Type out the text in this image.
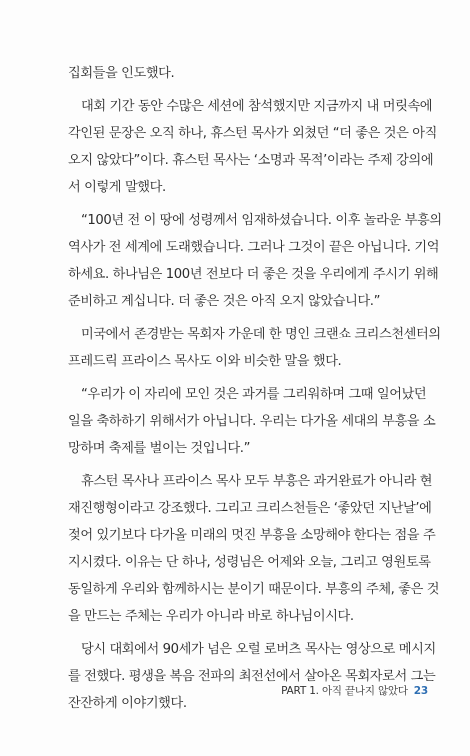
집회들을 인도했다.
대회 기간 동안 수많은 세션에 참석했지만 지금까지 내 머릿속에
각인된 문장은 오직 하나, 휴스턴 목사가 외쳤던 “더 좋은 것은 아직
오지 않았다”이다. 휴스턴 목사는 ‘소명과 목적’이라는 주제 강의에
서 이렇게 말했다.
“100년 전 이 땅에 성령께서 임재하셨습니다. 이후 놀라운 부흥의
역사가 전 세계에 도래했습니다. 그러나 그것이 끝은 아닙니다. 기억
하세요. 하나님은 100년 전보다 더 좋은 것을 우리에게 주시기 위해
준비하고 계십니다. 더 좋은 것은 아직 오지 않았습니다.”
미국에서 존경받는 목회자 가운데 한 명인 크랜쇼 크리스천센터의
프레드릭 프라이스 목사도 이와 비슷한 말을 했다.
“우리가 이 자리에 모인 것은 과거를 그리워하며 그때 일어났던
일을 축하하기 위해서가 아닙니다. 우리는 다가올 세대의 부흥을 소
망하며 축제를 벌이는 것입니다.”
휴스턴 목사나 프라이스 목사 모두 부흥은 과거완료가 아니라 현
재진행형이라고 강조했다. 그리고 크리스천들은 ‘좋았던 지난날’에
젖어 있기보다 다가올 미래의 멋진 부흥을 소망해야 한다는 점을 주
지시켰다. 이유는 단 하나, 성령님은 어제와 오늘, 그리고 영원토록
동일하게 우리와 함께하시는 분이기 때문이다. 부흥의 주체, 좋은 것
을 만드는 주체는 우리가 아니라 바로 하나님이시다.
당시 대회에서 90세가 넘은 오럴 로버츠 목사는 영상으로 메시지
를 전했다. 평생을 복음 전파의 최전선에서 살아온 목회자로서 그는
잔잔하게 이야기했다.
PART 1. 아직 끝나지 않았다 23
